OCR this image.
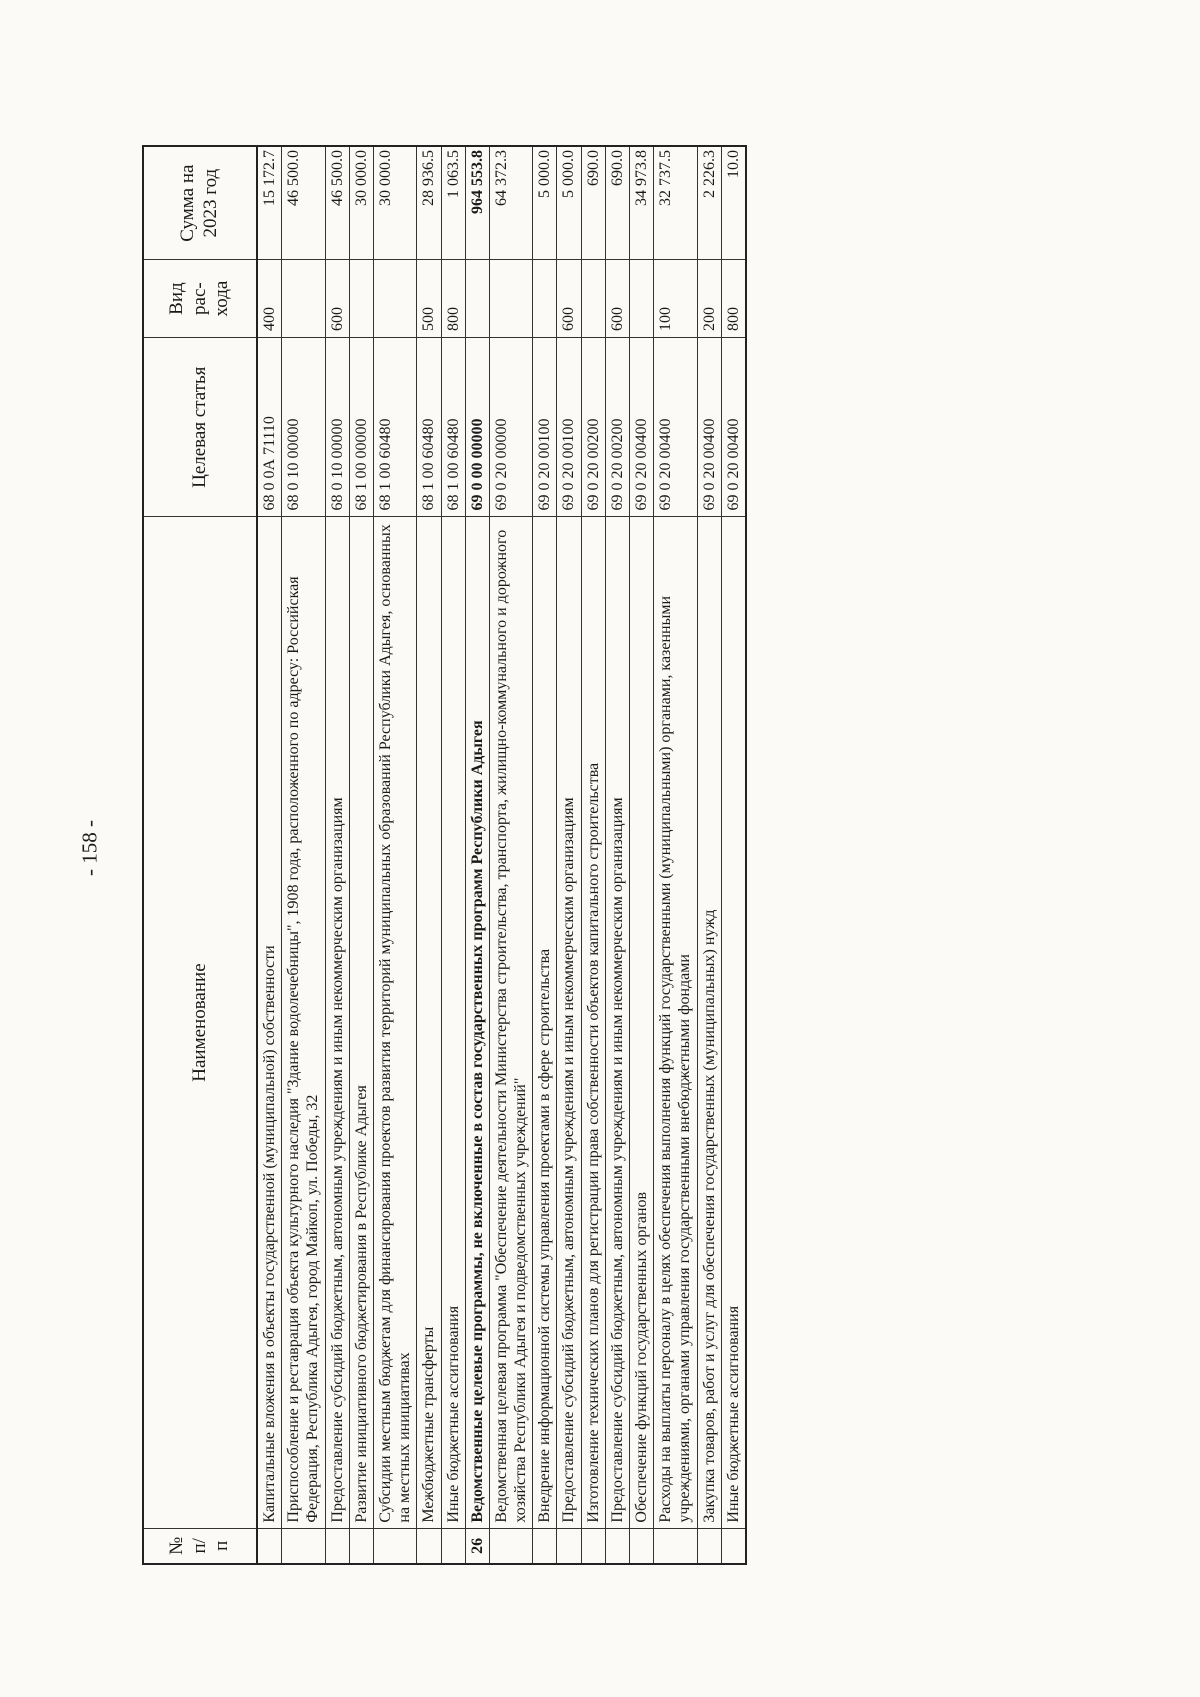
- 158 -
№ п/п	Наименование	Целевая статья	Вид рас- хода	Сумма на 2023 год
	Капитальные вложения в объекты государственной (муниципальной) собственности	68 0 0А 71110	400	15 172.7
	Приспособление и реставрация объекта культурного наследия "Здание водолечебницы", 1908 года, расположенного по адресу: Российская Федерация, Республика Адыгея, город Майкоп, ул. Победы, 32	68 0 10 00000		46 500.0
	Предоставление субсидий бюджетным, автономным учреждениям и иным некоммерческим организациям	68 0 10 00000	600	46 500.0
	Развитие инициативного бюджетирования в Республике Адыгея	68 1 00 00000		30 000.0
	Субсидии местным бюджетам для финансирования проектов развития территорий муниципальных образований Республики Адыгея, основанных на местных инициативах	68 1 00 60480		30 000.0
	Межбюджетные трансферты	68 1 00 60480	500	28 936.5
	Иные бюджетные ассигнования	68 1 00 60480	800	1 063.5
26	Ведомственные целевые программы, не включенные в состав государственных программ Республики Адыгея	69 0 00 00000		964 553.8
	Ведомственная целевая программа "Обеспечение деятельности Министерства строительства, транспорта, жилищно-коммунального и дорожного хозяйства Республики Адыгея и подведомственных учреждений"	69 0 20 00000		64 372.3
	Внедрение информационной системы управления проектами в сфере строительства	69 0 20 00100		5 000.0
	Предоставление субсидий бюджетным, автономным учреждениям и иным некоммерческим организациям	69 0 20 00100	600	5 000.0
	Изготовление технических планов для регистрации права собственности объектов капитального строительства	69 0 20 00200		690.0
	Предоставление субсидий бюджетным, автономным учреждениям и иным некоммерческим организациям	69 0 20 00200	600	690.0
	Обеспечение функций государственных органов	69 0 20 00400		34 973.8
	Расходы на выплаты персоналу в целях обеспечения выполнения функций государственными (муниципальными) органами, казенными учреждениями, органами управления государственными внебюджетными фондами	69 0 20 00400	100	32 737.5
	Закупка товаров, работ и услуг для обеспечения государственных (муниципальных) нужд	69 0 20 00400	200	2 226.3
	Иные бюджетные ассигнования	69 0 20 00400	800	10.0
